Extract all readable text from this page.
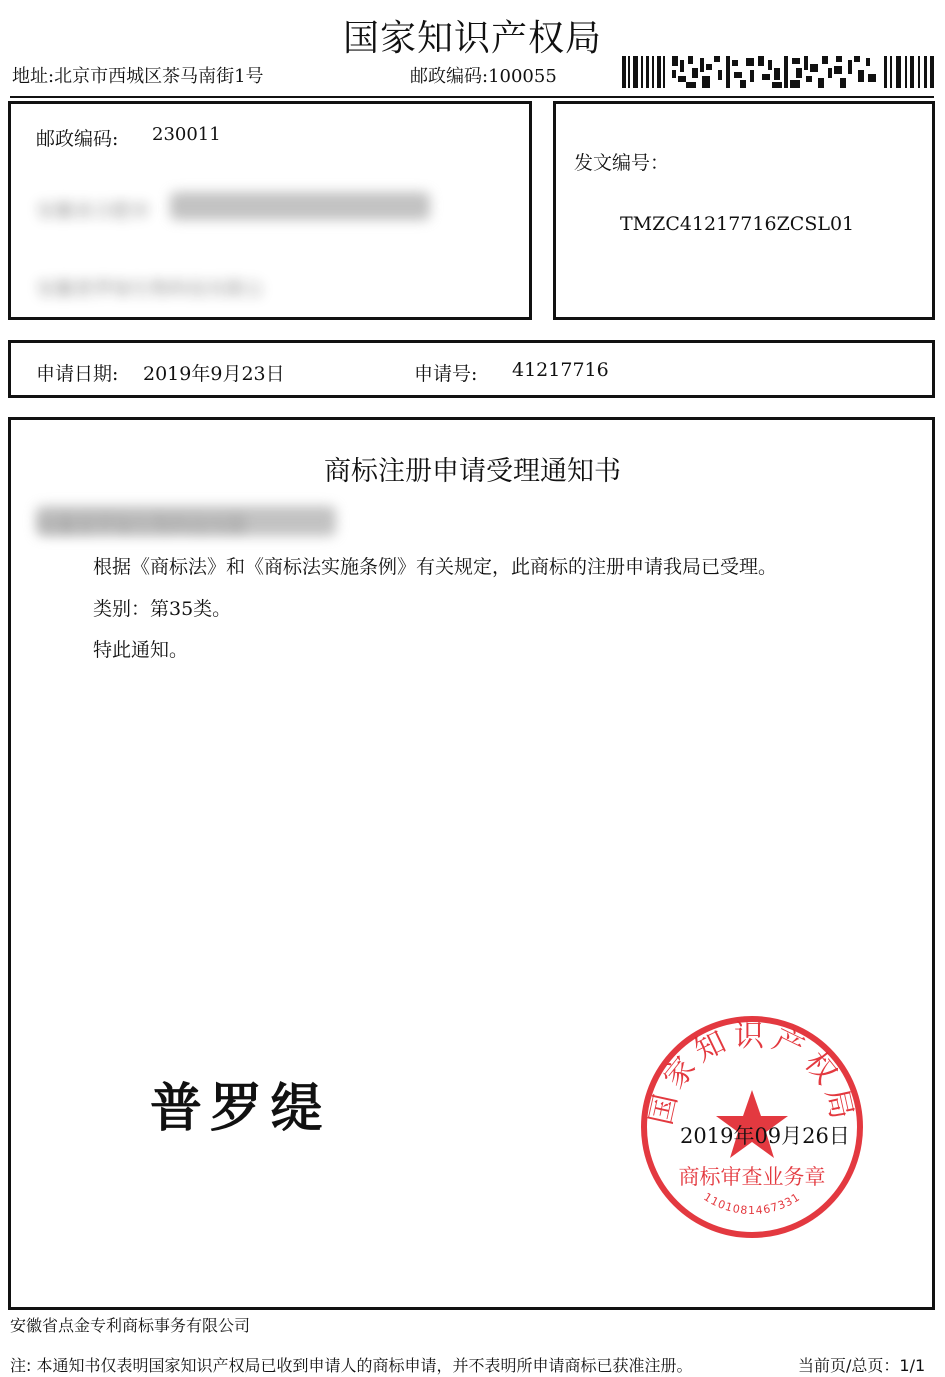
国家知识产权局
地址:北京市西城区茶马南街1号	邮政编码:100055
邮政编码: 230011
安徽省合肥市
安徽普罗绿生物科技有限公
发文编号：
TMZC41217716ZCSL01
申请日期: 2019年9月23日	申请号: 41217716
商标注册申请受理通知书
根据《商标法》和《商标法实施条例》有关规定，此商标的注册申请我局已受理。
类别：第35类。
特此通知。
普罗缇	国家知识产权局
商标审查业务章
1101081467331
2019年09月26日
安徽省点金专利商标事务有限公司
注: 本通知书仅表明国家知识产权局已收到申请人的商标申请，并不表明所申请商标已获准注册。	当前页/总页：1/1
